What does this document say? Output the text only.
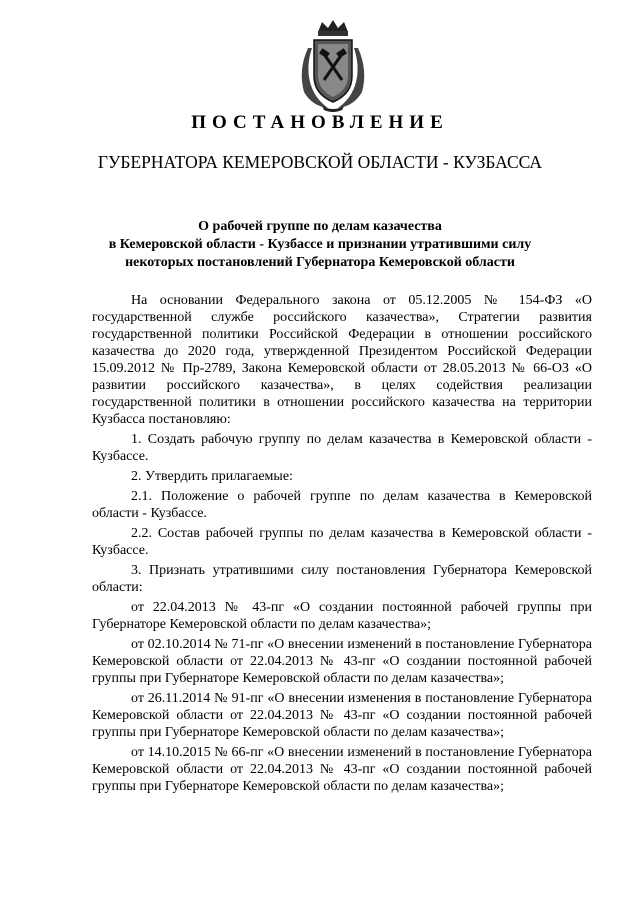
ПОСТАНОВЛЕНИЕ
ГУБЕРНАТОРА КЕМЕРОВСКОЙ ОБЛАСТИ - КУЗБАССА
О рабочей группе по делам казачества
в Кемеровской области - Кузбассе и признании утратившими силу
некоторых постановлений Губернатора Кемеровской области

На основании Федерального закона от 05.12.2005 № 154-ФЗ «О государственной службе российского казачества», Стратегии развития государственной политики Российской Федерации в отношении российского казачества до 2020 года, утвержденной Президентом Российской Федерации 15.09.2012 № Пр-2789, Закона Кемеровской области от 28.05.2013 № 66-ОЗ «О развитии российского казачества», в целях содействия реализации государственной политики в отношении российского казачества на территории Кузбасса постановляю:

1. Создать рабочую группу по делам казачества в Кемеровской области - Кузбассе.

2. Утвердить прилагаемые:

2.1. Положение о рабочей группе по делам казачества в Кемеровской области - Кузбассе.

2.2. Состав рабочей группы по делам казачества в Кемеровской области - Кузбассе.

3. Признать утратившими силу постановления Губернатора Кемеровской области:

от 22.04.2013 № 43-пг «О создании постоянной рабочей группы при Губернаторе Кемеровской области по делам казачества»;

от 02.10.2014 № 71-пг «О внесении изменений в постановление Губернатора Кемеровской области от 22.04.2013 № 43-пг «О создании постоянной рабочей группы при Губернаторе Кемеровской области по делам казачества»;

от 26.11.2014 № 91-пг «О внесении изменения в постановление Губернатора Кемеровской области от 22.04.2013 № 43-пг «О создании постоянной рабочей группы при Губернаторе Кемеровской области по делам казачества»;

от 14.10.2015 № 66-пг «О внесении изменений в постановление Губернатора Кемеровской области от 22.04.2013 № 43-пг «О создании постоянной рабочей группы при Губернаторе Кемеровской области по делам казачества»;
